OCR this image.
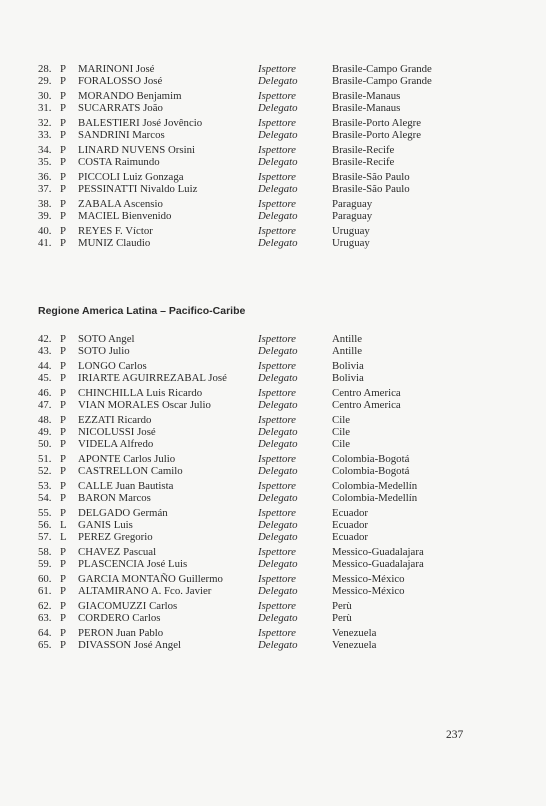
28. P	MARINONI José	Ispettore	Brasile-Campo Grande
29. P	FORALOSSO José	Delegato	Brasile-Campo Grande
30. P	MORANDO Benjamim	Ispettore	Brasile-Manaus
31. P	SUCARRATS João	Delegato	Brasile-Manaus
32. P	BALESTIERI José Jovêncio	Ispettore	Brasile-Porto Alegre
33. P	SANDRINI Marcos	Delegato	Brasile-Porto Alegre
34. P	LINARD NUVENS Orsini	Ispettore	Brasile-Recife
35. P	COSTA Raimundo	Delegato	Brasile-Recife
36. P	PICCOLI Luiz Gonzaga	Ispettore	Brasile-São Paulo
37. P	PESSINATTI Nivaldo Luiz	Delegato	Brasile-São Paulo
38. P	ZABALA Ascensio	Ispettore	Paraguay
39. P	MACIEL Bienvenido	Delegato	Paraguay
40. P	REYES F. Víctor	Ispettore	Uruguay
41. P	MUNIZ Claudio	Delegato	Uruguay
Regione America Latina – Pacifico-Caribe
42. P	SOTO Angel	Ispettore	Antille
43. P	SOTO Julio	Delegato	Antille
44. P	LONGO Carlos	Ispettore	Bolivia
45. P	IRIARTE AGUIRREZABAL José	Delegato	Bolivia
46. P	CHINCHILLA Luis Ricardo	Ispettore	Centro America
47. P	VIAN MORALES Oscar Julio	Delegato	Centro America
48. P	EZZATI Ricardo	Ispettore	Cile
49. P	NICOLUSSI José	Delegato	Cile
50. P	VIDELA Alfredo	Delegato	Cile
51. P	APONTE Carlos Julio	Ispettore	Colombia-Bogotá
52. P	CASTRELLON Camilo	Delegato	Colombia-Bogotá
53. P	CALLE Juan Bautista	Ispettore	Colombia-Medellín
54. P	BARON Marcos	Delegato	Colombia-Medellín
55. P	DELGADO Germán	Ispettore	Ecuador
56. L	GANIS Luis	Delegato	Ecuador
57. L	PEREZ Gregorio	Delegato	Ecuador
58. P	CHAVEZ Pascual	Ispettore	Messico-Guadalajara
59. P	PLASCENCIA José Luis	Delegato	Messico-Guadalajara
60. P	GARCIA MONTAÑO Guillermo	Ispettore	Messico-México
61. P	ALTAMIRANO A. Fco. Javier	Delegato	Messico-México
62. P	GIACOMUZZI Carlos	Ispettore	Perù
63. P	CORDERO Carlos	Delegato	Perù
64. P	PERON Juan Pablo	Ispettore	Venezuela
65. P	DIVASSON José Angel	Delegato	Venezuela
237
